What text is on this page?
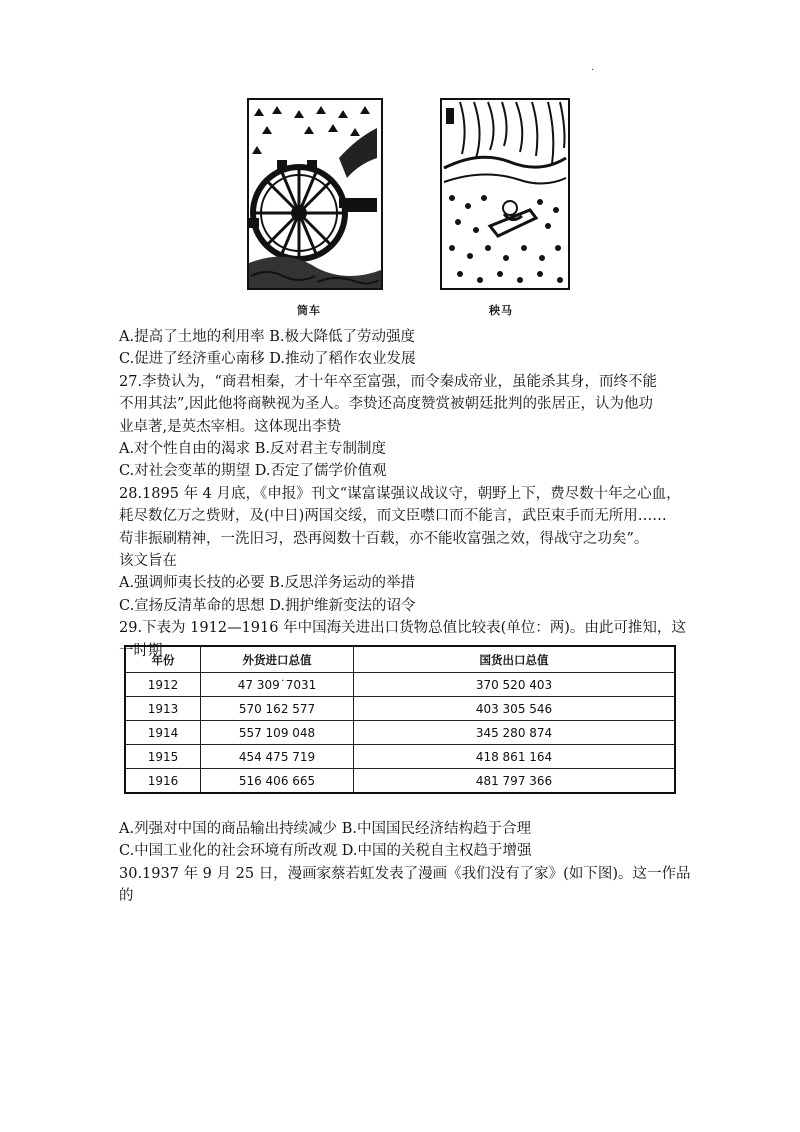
.
筒车	秧马

A.提高了土地的利用率 B.极大降低了劳动强度

C.促进了经济重心南移 D.推动了稻作农业发展

27.李贽认为，“商君相秦，才十年卒至富强，而令秦成帝业，虽能杀其身，而终不能

不用其法”,因此他将商鞅视为圣人。李贽还高度赞赏被朝廷批判的张居正，认为他功

业卓著,是英杰宰相。这体现出李贽

A.对个性自由的渴求 B.反对君主专制制度

C.对社会变革的期望 D.否定了儒学价值观

28.1895 年 4 月底，《申报》刊文“谋富谋强议战议守，朝野上下，费尽数十年之心血，

耗尽数亿万之赀财，及(中日)两国交绥，而文臣噤口而不能言，武臣束手而无所用……

苟非振刷精神，一洗旧习，恐再阅数十百载，亦不能收富强之效，得战守之功矣”。

该文旨在

A.强调师夷长技的必要 B.反思洋务运动的举措

C.宣扬反清革命的思想 D.拥护维新变法的诏令

29.下表为 1912—1916 年中国海关进出口货物总值比较表(单位：两)。由此可推知，这

一时期

年份	外货进口总值	国货出口总值
1912	47 309˙7031	370 520 403
1913	570 162 577	403 305 546
1914	557 109 048	345 280 874
1915	454 475 719	418 861 164
1916	516 406 665	481 797 366

A.列强对中国的商品输出持续减少 B.中国国民经济结构趋于合理

C.中国工业化的社会环境有所改观 D.中国的关税自主权趋于增强

30.1937 年 9 月 25 日，漫画家蔡若虹发表了漫画《我们没有了家》(如下图)。这一作品

的
